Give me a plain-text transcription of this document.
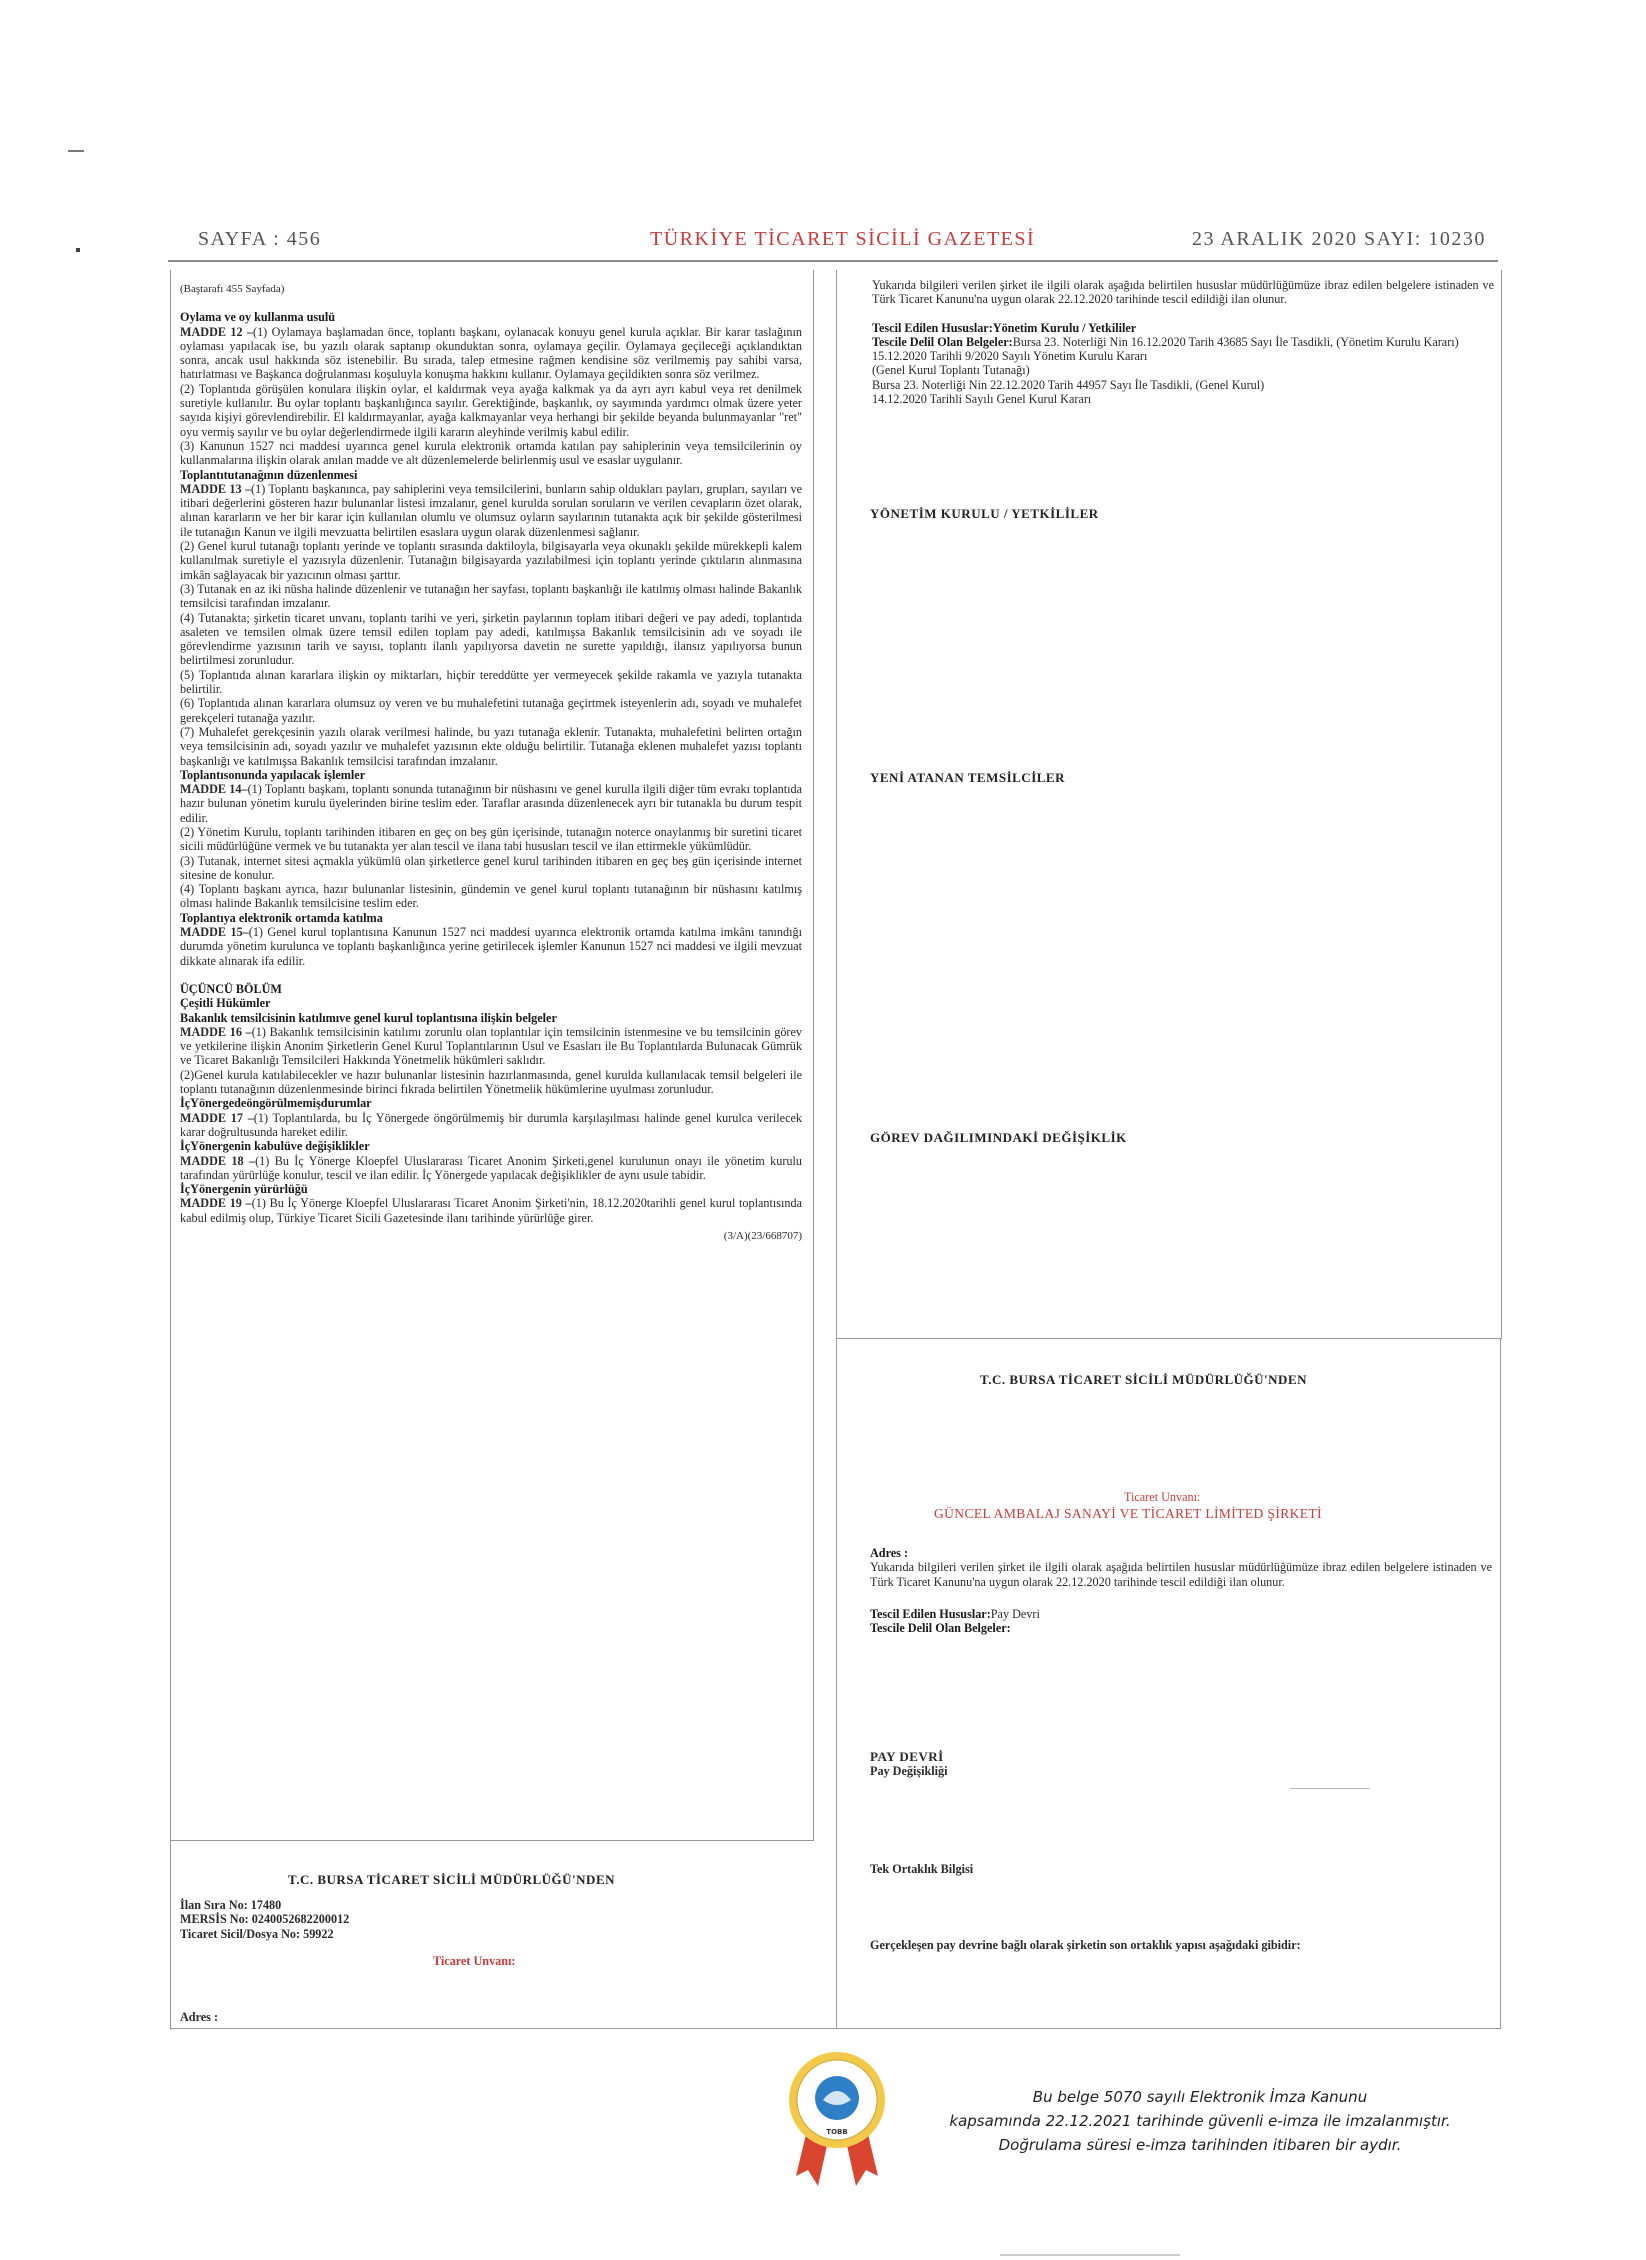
SAYFA : 456	TÜRKİYE TİCARET SİCİLİ GAZETESİ	23 ARALIK 2020 SAYI: 10230

(Baştarafı 455 Sayfada)

Oylama ve oy kullanma usulü

MADDE 12 –(1) Oylamaya başlamadan önce, toplantı başkanı, oylanacak konuyu genel kurula açıklar. Bir karar taslağının oylaması yapılacak ise, bu yazılı olarak saptanıp okunduktan sonra, oylamaya geçilir. Oylamaya geçileceği açıklandıktan sonra, ancak usul hakkında söz istenebilir. Bu sırada, talep etmesine rağmen kendisine söz verilmemiş pay sahibi varsa, hatırlatması ve Başkanca doğrulanması koşuluyla konuşma hakkını kullanır. Oylamaya geçildikten sonra söz verilmez.

(2) Toplantıda görüşülen konulara ilişkin oylar, el kaldırmak veya ayağa kalkmak ya da ayrı ayrı kabul veya ret denilmek suretiyle kullanılır. Bu oylar toplantı başkanlığınca sayılır. Gerektiğinde, başkanlık, oy sayımında yardımcı olmak üzere yeter sayıda kişiyi görevlendirebilir. El kaldırmayanlar, ayağa kalkmayanlar veya herhangi bir şekilde beyanda bulunmayanlar "ret" oyu vermiş sayılır ve bu oylar değerlendirmede ilgili kararın aleyhinde verilmiş kabul edilir.

(3) Kanunun 1527 nci maddesi uyarınca genel kurula elektronik ortamda katılan pay sahiplerinin veya temsilcilerinin oy kullanmalarına ilişkin olarak anılan madde ve alt düzenlemelerde belirlenmiş usul ve esaslar uygulanır.

Toplantıtutanağının düzenlenmesi

MADDE 13 –(1) Toplantı başkanınca, pay sahiplerini veya temsilcilerini, bunların sahip oldukları payları, grupları, sayıları ve itibari değerlerini gösteren hazır bulunanlar listesi imzalanır, genel kurulda sorulan soruların ve verilen cevapların özet olarak, alınan kararların ve her bir karar için kullanılan olumlu ve olumsuz oyların sayılarının tutanakta açık bir şekilde gösterilmesi ile tutanağın Kanun ve ilgili mevzuatta belirtilen esaslara uygun olarak düzenlenmesi sağlanır.

(2) Genel kurul tutanağı toplantı yerinde ve toplantı sırasında daktiloyla, bilgisayarla veya okunaklı şekilde mürekkepli kalem kullanılmak suretiyle el yazısıyla düzenlenir. Tutanağın bilgisayarda yazılabilmesi için toplantı yerinde çıktıların alınmasına imkân sağlayacak bir yazıcının olması şarttır.

(3) Tutanak en az iki nüsha halinde düzenlenir ve tutanağın her sayfası, toplantı başkanlığı ile katılmış olması halinde Bakanlık temsilcisi tarafından imzalanır.

(4) Tutanakta; şirketin ticaret unvanı, toplantı tarihi ve yeri, şirketin paylarının toplam itibari değeri ve pay adedi, toplantıda asaleten ve temsilen olmak üzere temsil edilen toplam pay adedi, katılmışsa Bakanlık temsilcisinin adı ve soyadı ile görevlendirme yazısının tarih ve sayısı, toplantı ilanlı yapılıyorsa davetin ne surette yapıldığı, ilansız yapılıyorsa bunun belirtilmesi zorunludur.

(5) Toplantıda alınan kararlara ilişkin oy miktarları, hiçbir tereddütte yer vermeyecek şekilde rakamla ve yazıyla tutanakta belirtilir.

(6) Toplantıda alınan kararlara olumsuz oy veren ve bu muhalefetini tutanağa geçirtmek isteyenlerin adı, soyadı ve muhalefet gerekçeleri tutanağa yazılır.

(7) Muhalefet gerekçesinin yazılı olarak verilmesi halinde, bu yazı tutanağa eklenir. Tutanakta, muhalefetini belirten ortağın veya temsilcisinin adı, soyadı yazılır ve muhalefet yazısının ekte olduğu belirtilir. Tutanağa eklenen muhalefet yazısı toplantı başkanlığı ve katılmışsa Bakanlık temsilcisi tarafından imzalanır.

Toplantısonunda yapılacak işlemler

MADDE 14–(1) Toplantı başkanı, toplantı sonunda tutanağının bir nüshasını ve genel kurulla ilgili diğer tüm evrakı toplantıda hazır bulunan yönetim kurulu üyelerinden birine teslim eder. Taraflar arasında düzenlenecek ayrı bir tutanakla bu durum tespit edilir.

(2) Yönetim Kurulu, toplantı tarihinden itibaren en geç on beş gün içerisinde, tutanağın noterce onaylanmış bir suretini ticaret sicili müdürlüğüne vermek ve bu tutanakta yer alan tescil ve ilana tabi hususları tescil ve ilan ettirmekle yükümlüdür.

(3) Tutanak, internet sitesi açmakla yükümlü olan şirketlerce genel kurul tarihinden itibaren en geç beş gün içerisinde internet sitesine de konulur.

(4) Toplantı başkanı ayrıca, hazır bulunanlar listesinin, gündemin ve genel kurul toplantı tutanağının bir nüshasını katılmış olması halinde Bakanlık temsilcisine teslim eder.

Toplantıya elektronik ortamda katılma

MADDE 15–(1) Genel kurul toplantısına Kanunun 1527 nci maddesi uyarınca elektronik ortamda katılma imkânı tanındığı durumda yönetim kurulunca ve toplantı başkanlığınca yerine getirilecek işlemler Kanunun 1527 nci maddesi ve ilgili mevzuat dikkate alınarak ifa edilir.

ÜÇÜNCÜ BÖLÜM

Çeşitli Hükümler

Bakanlık temsilcisinin katılımıve genel kurul toplantısına ilişkin belgeler

MADDE 16 –(1) Bakanlık temsilcisinin katılımı zorunlu olan toplantılar için temsilcinin istenmesine ve bu temsilcinin görev ve yetkilerine ilişkin Anonim Şirketlerin Genel Kurul Toplantılarının Usul ve Esasları ile Bu Toplantılarda Bulunacak Gümrük ve Ticaret Bakanlığı Temsilcileri Hakkında Yönetmelik hükümleri saklıdır.

(2)Genel kurula katılabilecekler ve hazır bulunanlar listesinin hazırlanmasında, genel kurulda kullanılacak temsil belgeleri ile toplantı tutanağının düzenlenmesinde birinci fıkrada belirtilen Yönetmelik hükümlerine uyulması zorunludur.

İçYönergedeöngörülmemişdurumlar

MADDE 17 –(1) Toplantılarda, bu İç Yönergede öngörülmemiş bir durumla karşılaşılması halinde genel kurulca verilecek karar doğrultusunda hareket edilir.

İçYönergenin kabulüve değişiklikler

MADDE 18 –(1) Bu İç Yönerge Kloepfel Uluslararası Ticaret Anonim Şirketi,genel kurulunun onayı ile yönetim kurulu tarafından yürürlüğe konulur, tescil ve ilan edilir. İç Yönergede yapılacak değişiklikler de aynı usule tabidir.

İçYönergenin yürürlüğü

MADDE 19 –(1) Bu İç Yönerge Kloepfel Uluslararası Ticaret Anonim Şirketi'nin, 18.12.2020tarihli genel kurul toplantısında kabul edilmiş olup, Türkiye Ticaret Sicili Gazetesinde ilanı tarihinde yürürlüğe girer.

(3/A)(23/668707)

T.C. BURSA TİCARET SİCİLİ MÜDÜRLÜĞÜ'NDEN
İlan Sıra No: 17480
MERSİS No: 0240052682200012
Ticaret Sicil/Dosya No: 59922
Ticaret Unvanı:
Adres :

Yukarıda bilgileri verilen şirket ile ilgili olarak aşağıda belirtilen hususlar müdürlüğümüze ibraz edilen belgelere istinaden ve Türk Ticaret Kanunu'na uygun olarak 22.12.2020 tarihinde tescil edildiği ilan olunur.

Tescil Edilen Hususlar:Yönetim Kurulu / Yetkililer

Tescile Delil Olan Belgeler:Bursa 23. Noterliği Nin 16.12.2020 Tarih 43685 Sayı İle Tasdikli, (Yönetim Kurulu Kararı)

15.12.2020 Tarihli 9/2020 Sayılı Yönetim Kurulu Kararı

(Genel Kurul Toplantı Tutanağı)

Bursa 23. Noterliği Nin 22.12.2020 Tarih 44957 Sayı İle Tasdikli, (Genel Kurul)

14.12.2020 Tarihli Sayılı Genel Kurul Kararı

YÖNETİM KURULU / YETKİLİLER
YENİ ATANAN TEMSİLCİLER
GÖREV DAĞILIMINDAKİ DEĞİŞİKLİK
T.C. BURSA TİCARET SİCİLİ MÜDÜRLÜĞÜ'NDEN
Ticaret Unvanı:
GÜNCEL AMBALAJ SANAYİ VE TİCARET LİMİTED ŞİRKETİ

Adres :

Yukarıda bilgileri verilen şirket ile ilgili olarak aşağıda belirtilen hususlar müdürlüğümüze ibraz edilen belgelere istinaden ve Türk Ticaret Kanunu'na uygun olarak 22.12.2020 tarihinde tescil edildiği ilan olunur.

Tescil Edilen Hususlar:Pay Devri

Tescile Delil Olan Belgeler:

PAY DEVRİ
Pay Değişikliği
Tek Ortaklık Bilgisi
Gerçekleşen pay devrine bağlı olarak şirketin son ortaklık yapısı aşağıdaki gibidir:
TOBB
Bu belge 5070 sayılı Elektronik İmza Kanunu
kapsamında 22.12.2021 tarihinde güvenli e-imza ile imzalanmıştır.
Doğrulama süresi e-imza tarihinden itibaren bir aydır.
